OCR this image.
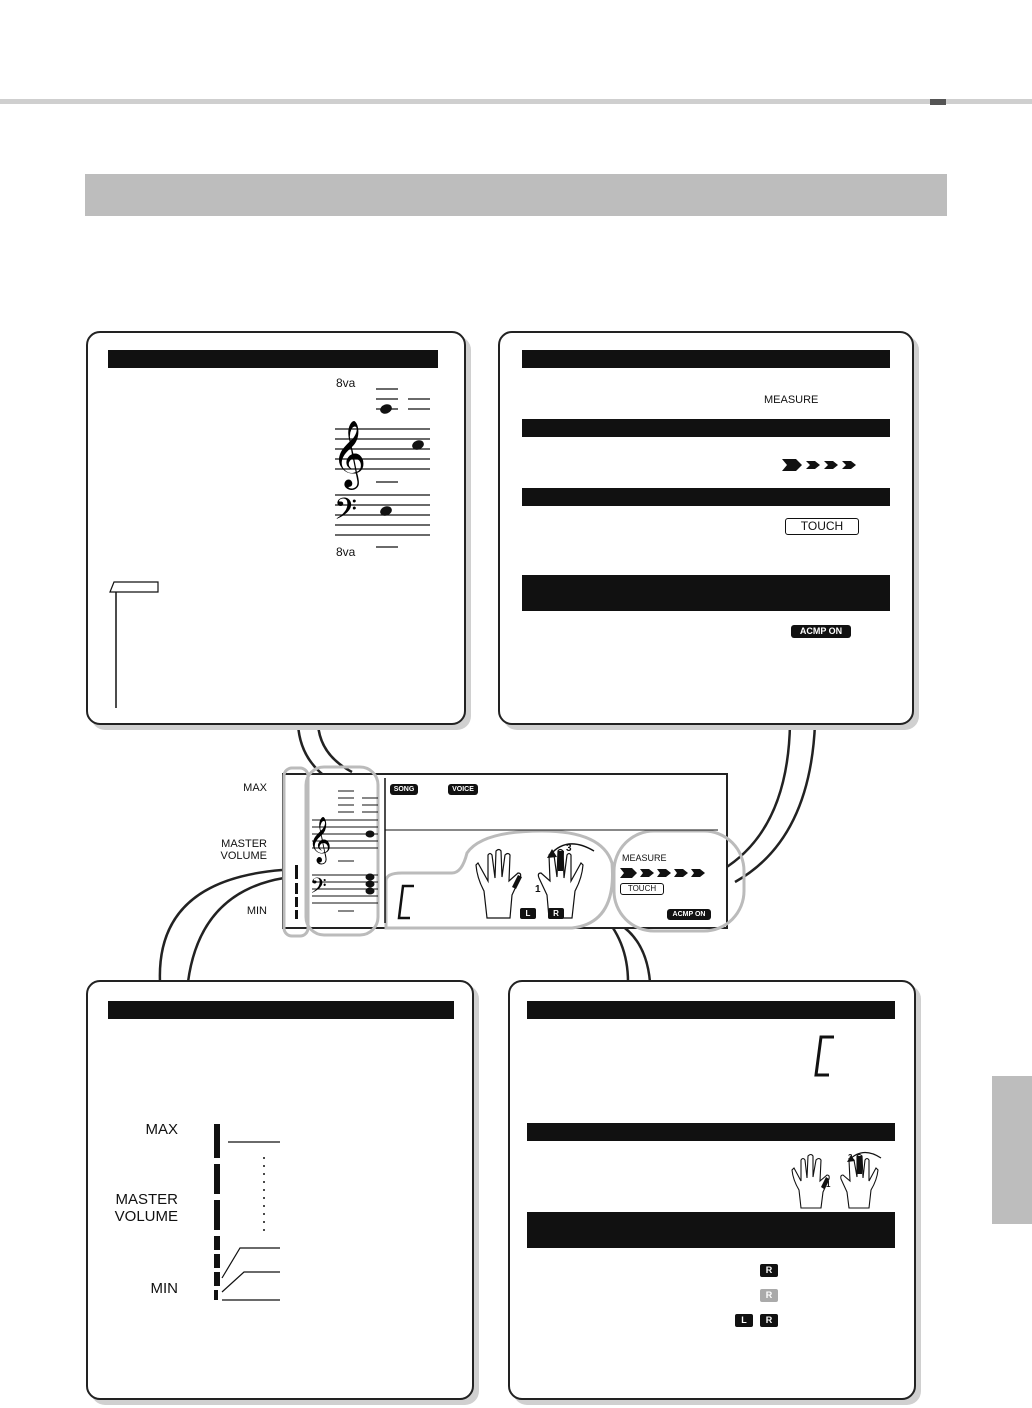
8va
𝄞
𝄢
8va
MEASURE
TOUCH
ACMP ON
MAX
MASTER
VOLUME
MIN
𝄞
𝄢
SONG	VOICE
MEASURE
TOUCH
ACMP ON
L	R
1
3
MAX
MASTER
VOLUME
MIN
1
3
R
R
L	R
